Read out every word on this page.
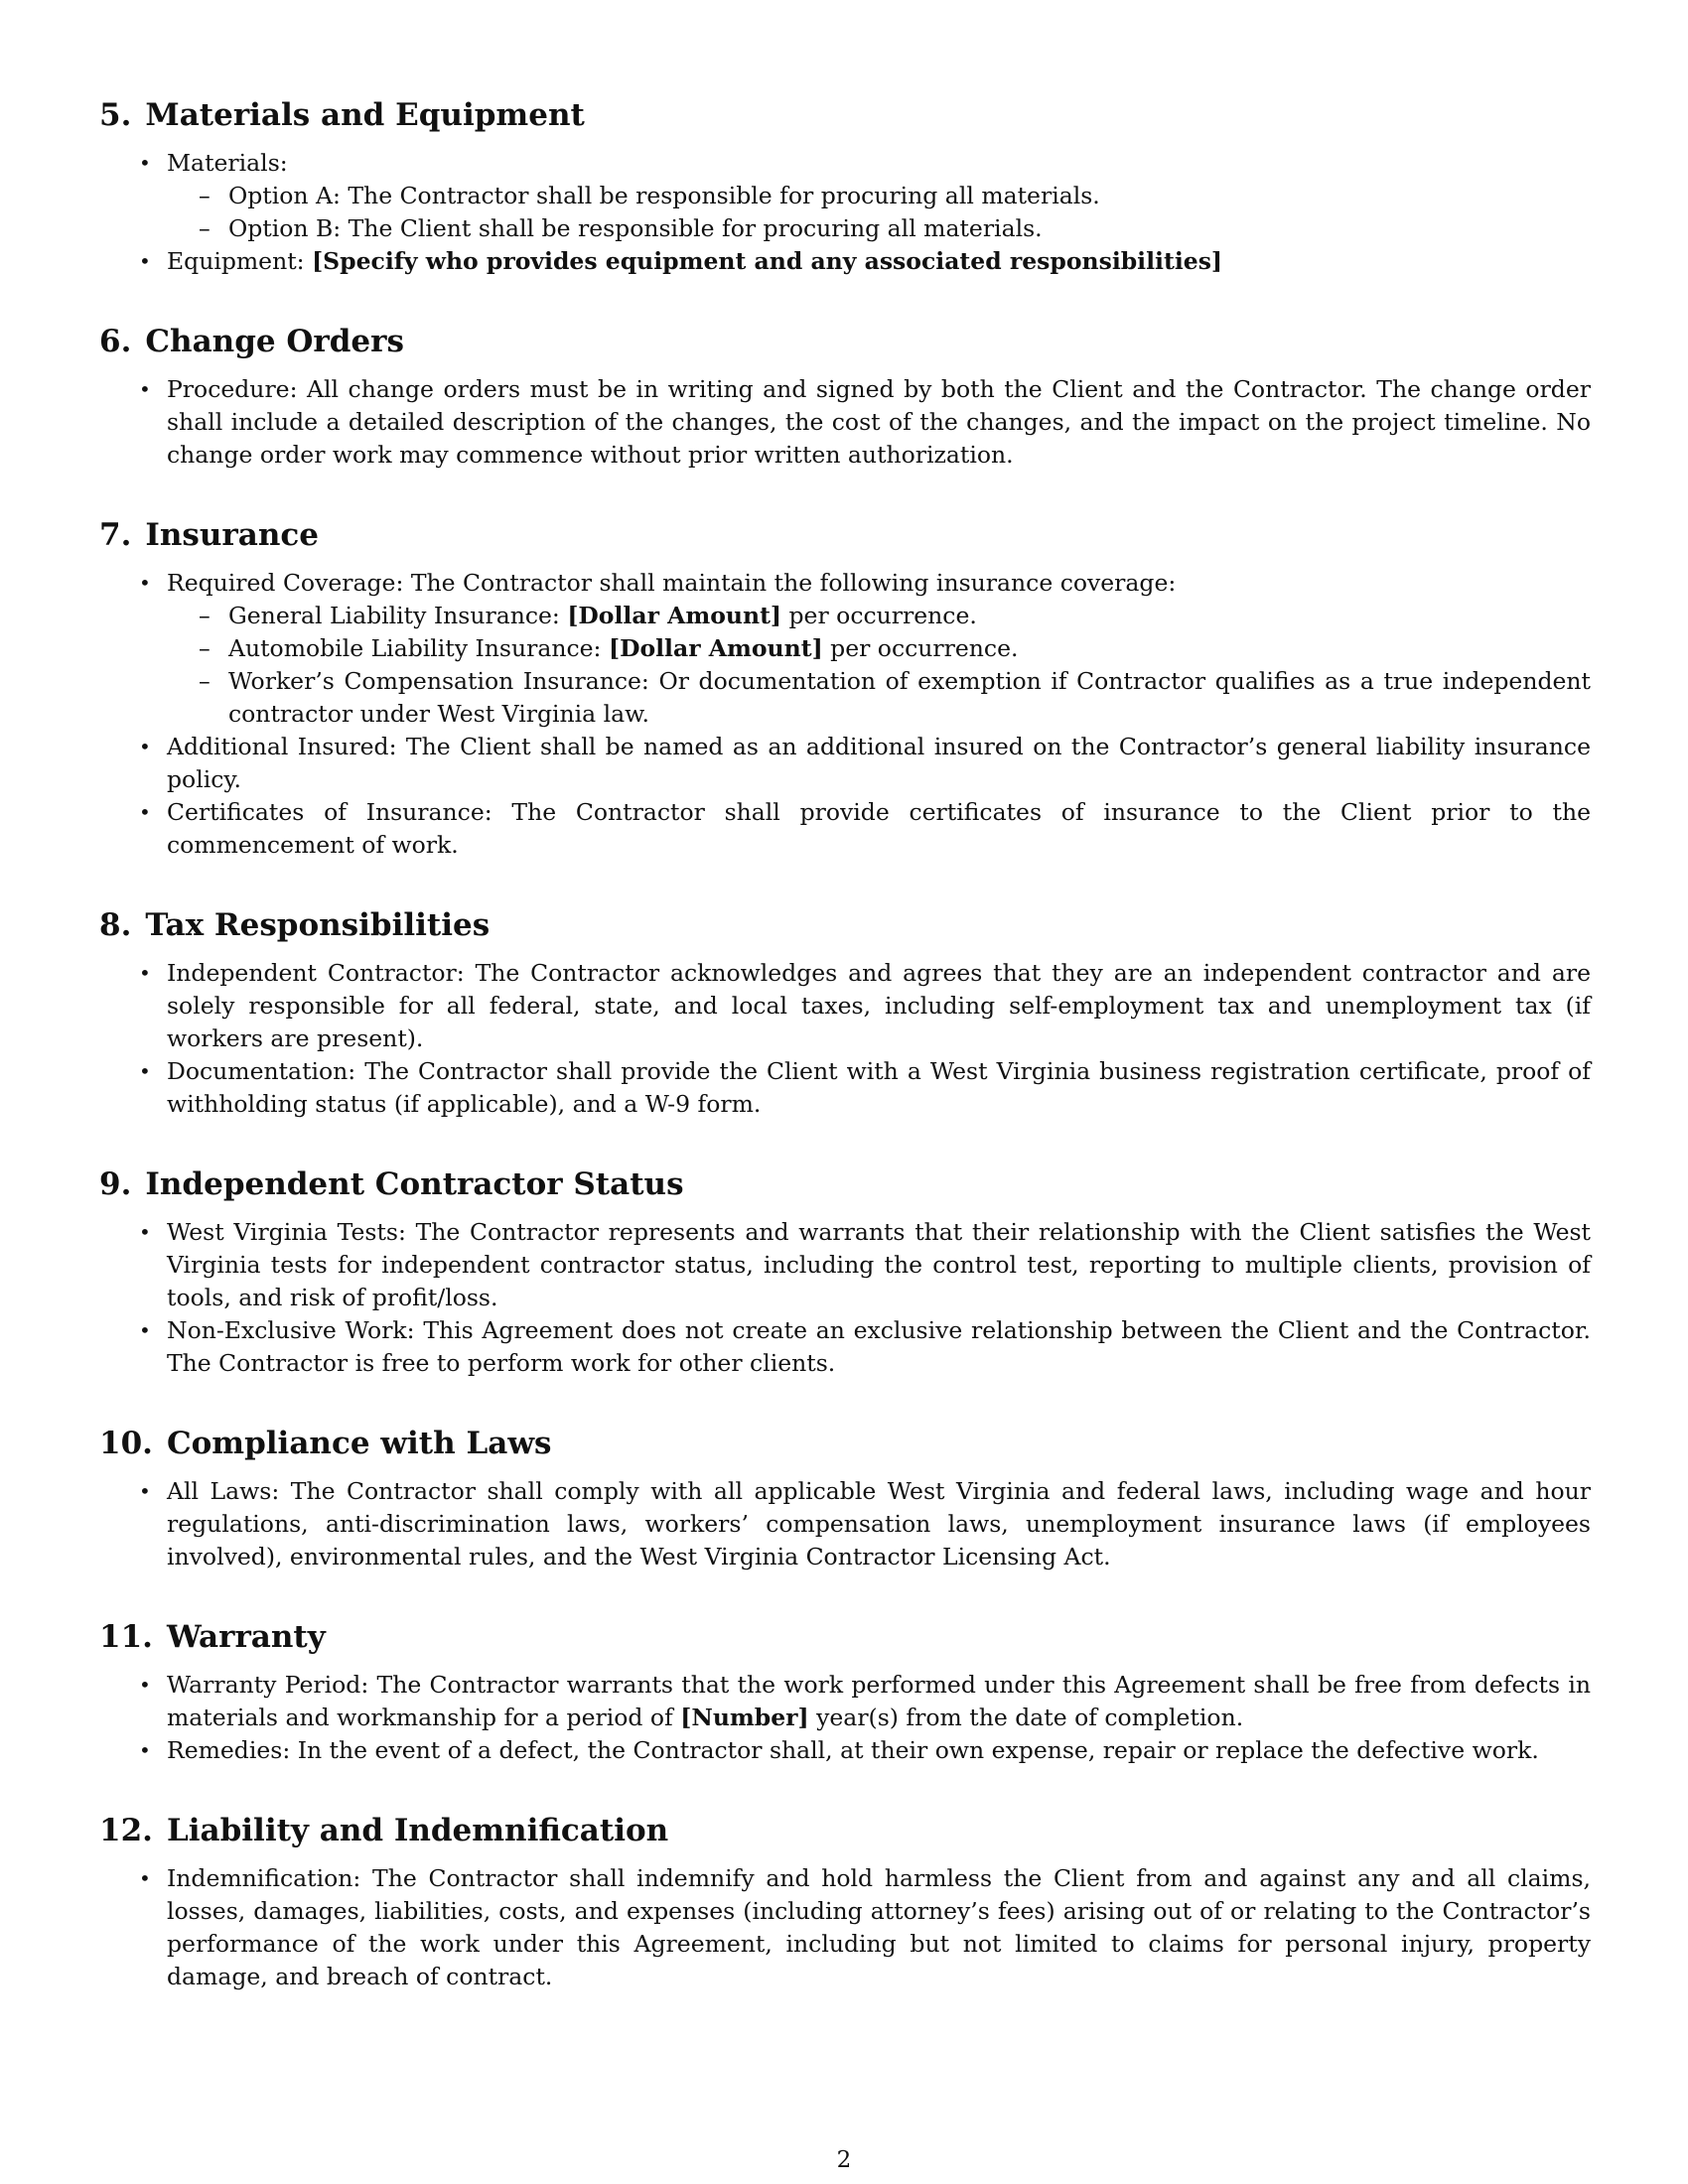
5. Materials and Equipment
• Materials:
– Option A: The Contractor shall be responsible for procuring all materials.
– Option B: The Client shall be responsible for procuring all materials.
• Equipment: [Specify who provides equipment and any associated responsibilities]
6. Change Orders
• Procedure: All change orders must be in writing and signed by both the Client and the Contractor. The change order shall include a detailed description of the changes, the cost of the changes, and the impact on the project timeline. No change order work may commence without prior written authorization.
7. Insurance
• Required Coverage: The Contractor shall maintain the following insurance coverage:
– General Liability Insurance: [Dollar Amount] per occurrence.
– Automobile Liability Insurance: [Dollar Amount] per occurrence.
– Worker’s Compensation Insurance: Or documentation of exemption if Contractor qualifies as a true independent contractor under West Virginia law.
• Additional Insured: The Client shall be named as an additional insured on the Contractor’s general liability insurance policy.
• Certificates of Insurance: The Contractor shall provide certificates of insurance to the Client prior to the commencement of work.
8. Tax Responsibilities
• Independent Contractor: The Contractor acknowledges and agrees that they are an independent contractor and are solely responsible for all federal, state, and local taxes, including self-employment tax and unemployment tax (if workers are present).
• Documentation: The Contractor shall provide the Client with a West Virginia business registration certificate, proof of withholding status (if applicable), and a W-9 form.
9. Independent Contractor Status
• West Virginia Tests: The Contractor represents and warrants that their relationship with the Client satisfies the West Virginia tests for independent contractor status, including the control test, reporting to multiple clients, provision of tools, and risk of profit/loss.
• Non-Exclusive Work: This Agreement does not create an exclusive relationship between the Client and the Contractor. The Contractor is free to perform work for other clients.
10. Compliance with Laws
• All Laws: The Contractor shall comply with all applicable West Virginia and federal laws, including wage and hour regulations, anti-discrimination laws, workers’ compensation laws, unemployment insurance laws (if employees involved), environmental rules, and the West Virginia Contractor Licensing Act.
11. Warranty
• Warranty Period: The Contractor warrants that the work performed under this Agreement shall be free from defects in materials and workmanship for a period of [Number] year(s) from the date of completion.
• Remedies: In the event of a defect, the Contractor shall, at their own expense, repair or replace the defective work.
12. Liability and Indemnification
• Indemnification: The Contractor shall indemnify and hold harmless the Client from and against any and all claims, losses, damages, liabilities, costs, and expenses (including attorney’s fees) arising out of or relating to the Contractor’s performance of the work under this Agreement, including but not limited to claims for personal injury, property damage, and breach of contract.
2
